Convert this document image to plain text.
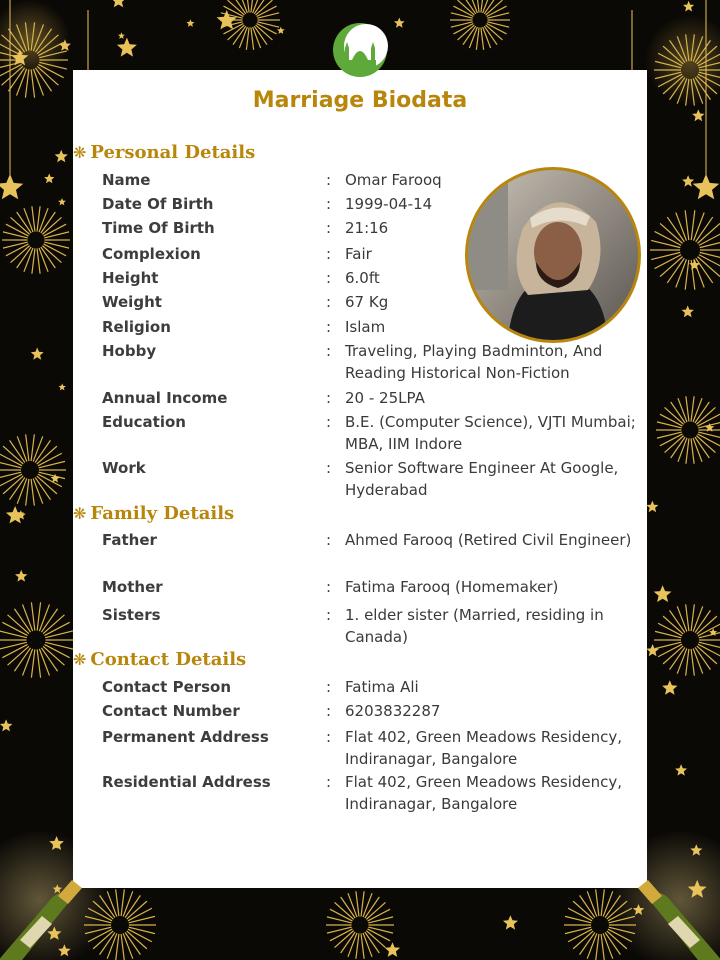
Marriage Biodata
❋ Personal Details
Name	: Omar Farooq
Date Of Birth	: 1999-04-14
Time Of Birth	: 21:16
Complexion	: Fair
Height	: 6.0ft
Weight	: 67 Kg
Religion	: Islam
Hobby	: Traveling, Playing Badminton, And Reading Historical Non-Fiction
Annual Income	: 20 - 25LPA
Education	: B.E. (Computer Science), VJTI Mumbai; MBA, IIM Indore
Work	: Senior Software Engineer At Google, Hyderabad
❋ Family Details
Father	: Ahmed Farooq (Retired Civil Engineer)
Mother	: Fatima Farooq (Homemaker)
Sisters	: 1. elder sister (Married, residing in Canada)
❋ Contact Details
Contact Person	: Fatima Ali
Contact Number	: 6203832287
Permanent Address	: Flat 402, Green Meadows Residency, Indiranagar, Bangalore
Residential Address	: Flat 402, Green Meadows Residency, Indiranagar, Bangalore
